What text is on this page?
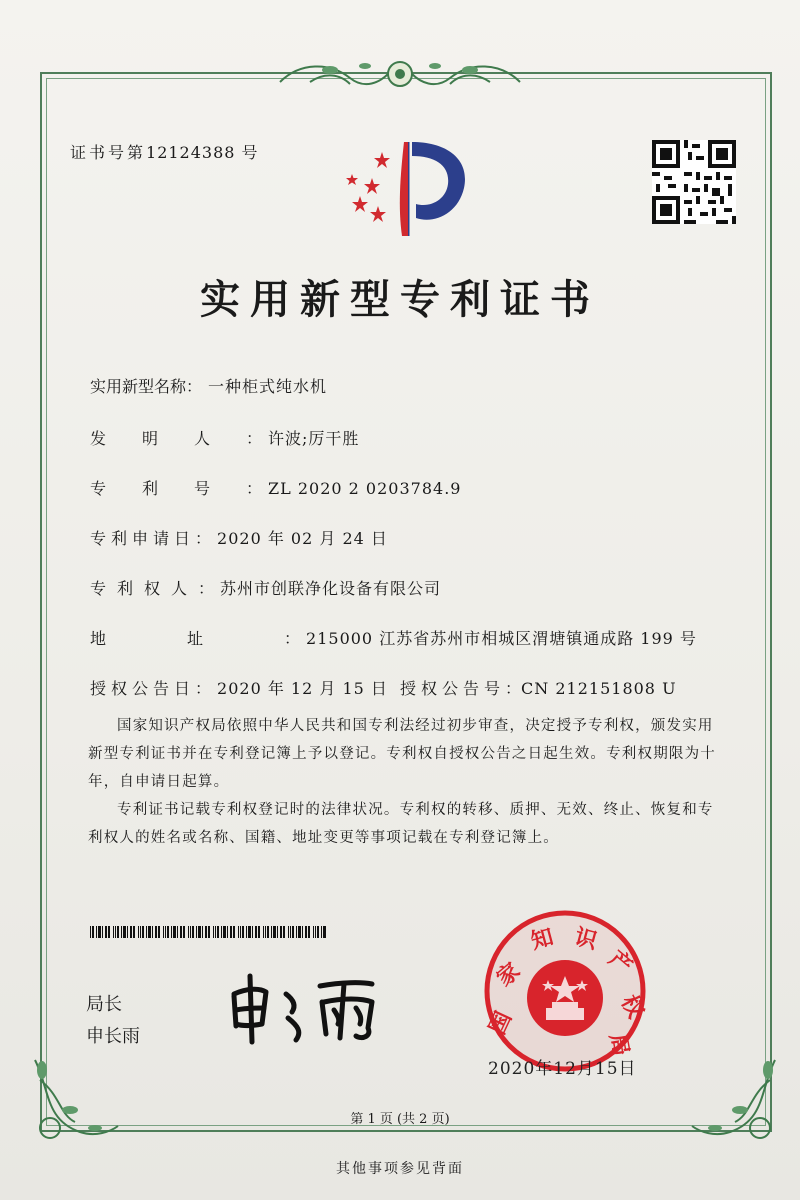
证书号第12124388 号
实用新型专利证书
实用新型名称： 一种柜式纯水机
发明人： 许波;厉干胜
专利号： ZL 2020 2 0203784.9
专利申请日： 2020 年 02 月 24 日
专利权人： 苏州市创联净化设备有限公司
地址： 215000 江苏省苏州市相城区渭塘镇通成路 199 号
授权公告日： 2020 年 12 月 15 日 授权公告号：CN 212151808 U
国家知识产权局依照中华人民共和国专利法经过初步审查，决定授予专利权，颁发实用新型专利证书并在专利登记簿上予以登记。专利权自授权公告之日起生效。专利权期限为十年，自申请日起算。
专利证书记载专利权登记时的法律状况。专利权的转移、质押、无效、终止、恢复和专利权人的姓名或名称、国籍、地址变更等事项记载在专利登记簿上。
局长
申长雨	国
家
知 识
产
权
局
2020年12月15日
第 1 页 (共 2 页)
其他事项参见背面
